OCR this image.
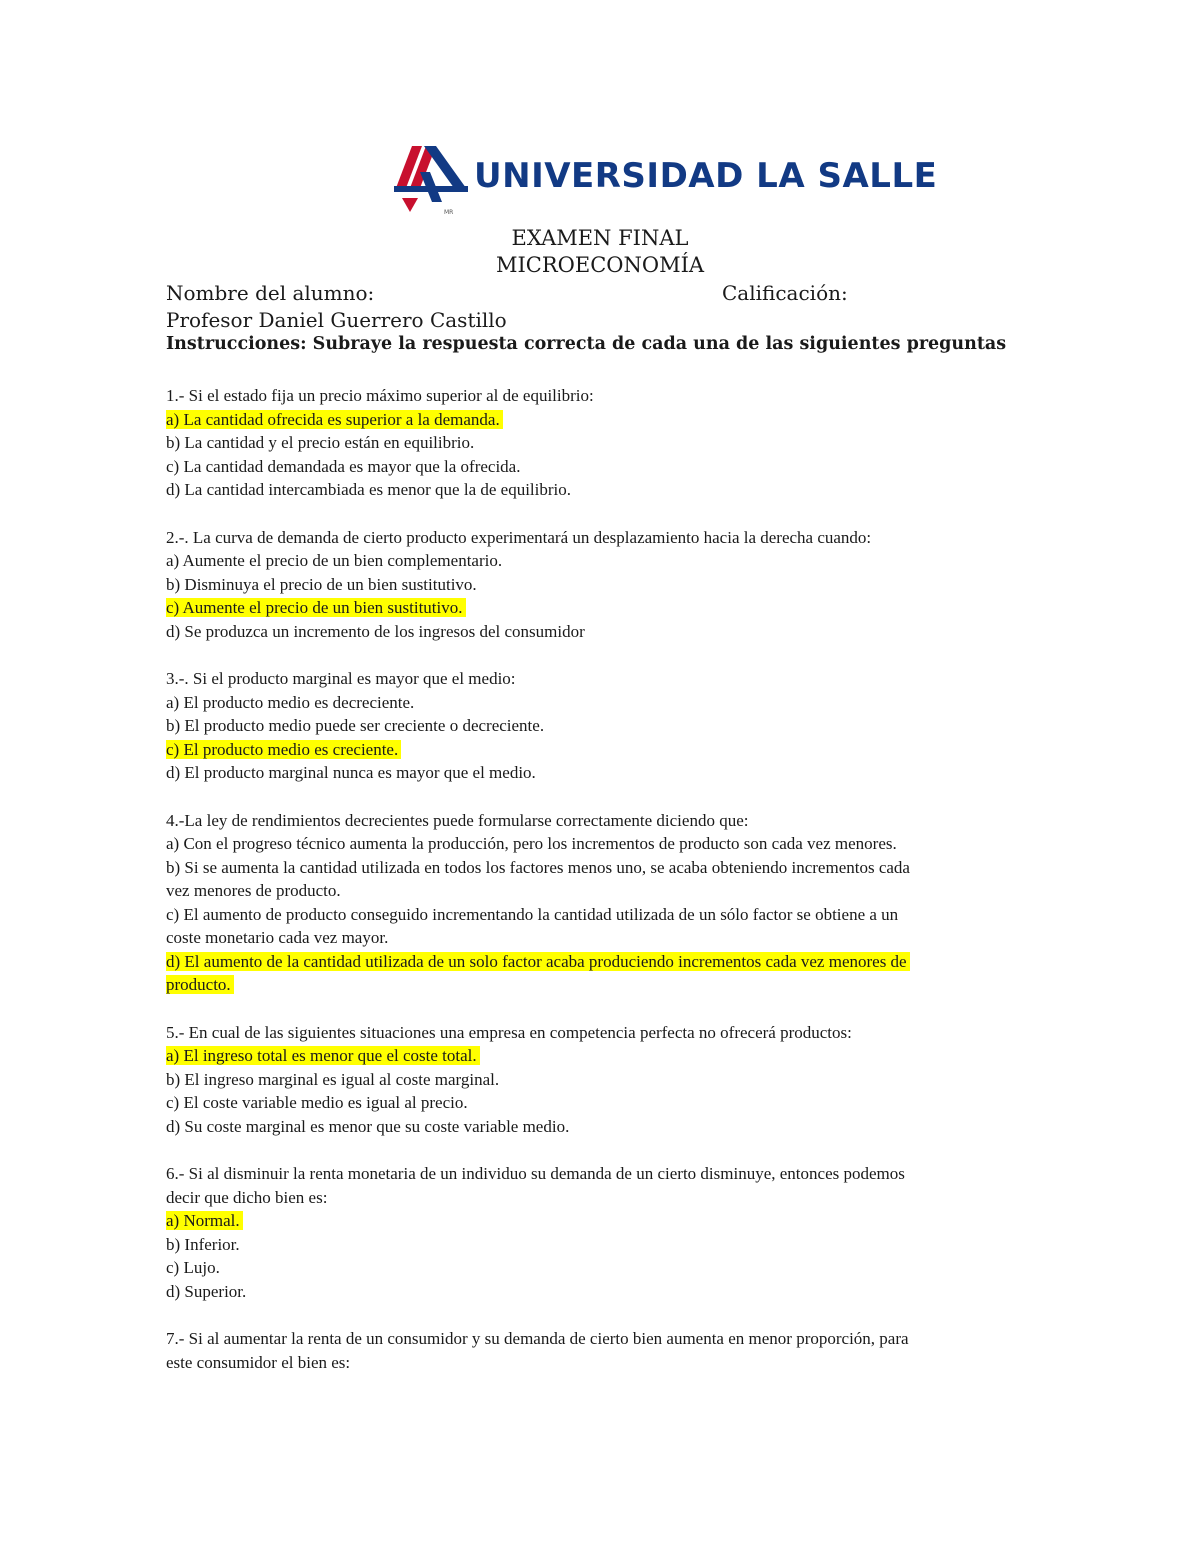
MR
UNIVERSIDAD LA SALLE
EXAMEN FINAL
MICROECONOMÍA
Nombre del alumno:	Calificación:
Profesor Daniel Guerrero Castillo
Instrucciones: Subraye la respuesta correcta de cada una de las siguientes preguntas
1.- Si el estado fija un precio máximo superior al de equilibrio:
a) La cantidad ofrecida es superior a la demanda.
b) La cantidad y el precio están en equilibrio.
c) La cantidad demandada es mayor que la ofrecida.
d) La cantidad intercambiada es menor que la de equilibrio.
2.-. La curva de demanda de cierto producto experimentará un desplazamiento hacia la derecha cuando:
a) Aumente el precio de un bien complementario.
b) Disminuya el precio de un bien sustitutivo.
c) Aumente el precio de un bien sustitutivo.
d) Se produzca un incremento de los ingresos del consumidor
3.-. Si el producto marginal es mayor que el medio:
a) El producto medio es decreciente.
b) El producto medio puede ser creciente o decreciente.
c) El producto medio es creciente.
d) El producto marginal nunca es mayor que el medio.
4.-La ley de rendimientos decrecientes puede formularse correctamente diciendo que:
a) Con el progreso técnico aumenta la producción, pero los incrementos de producto son cada vez menores.
b) Si se aumenta la cantidad utilizada en todos los factores menos uno, se acaba obteniendo incrementos cada
vez menores de producto.
c) El aumento de producto conseguido incrementando la cantidad utilizada de un sólo factor se obtiene a un
coste monetario cada vez mayor.
d) El aumento de la cantidad utilizada de un solo factor acaba produciendo incrementos cada vez menores de
producto.
5.- En cual de las siguientes situaciones una empresa en competencia perfecta no ofrecerá productos:
a) El ingreso total es menor que el coste total.
b) El ingreso marginal es igual al coste marginal.
c) El coste variable medio es igual al precio.
d) Su coste marginal es menor que su coste variable medio.
6.- Si al disminuir la renta monetaria de un individuo su demanda de un cierto disminuye, entonces podemos
decir que dicho bien es:
a) Normal.
b) Inferior.
c) Lujo.
d) Superior.
7.- Si al aumentar la renta de un consumidor y su demanda de cierto bien aumenta en menor proporción, para
este consumidor el bien es:
